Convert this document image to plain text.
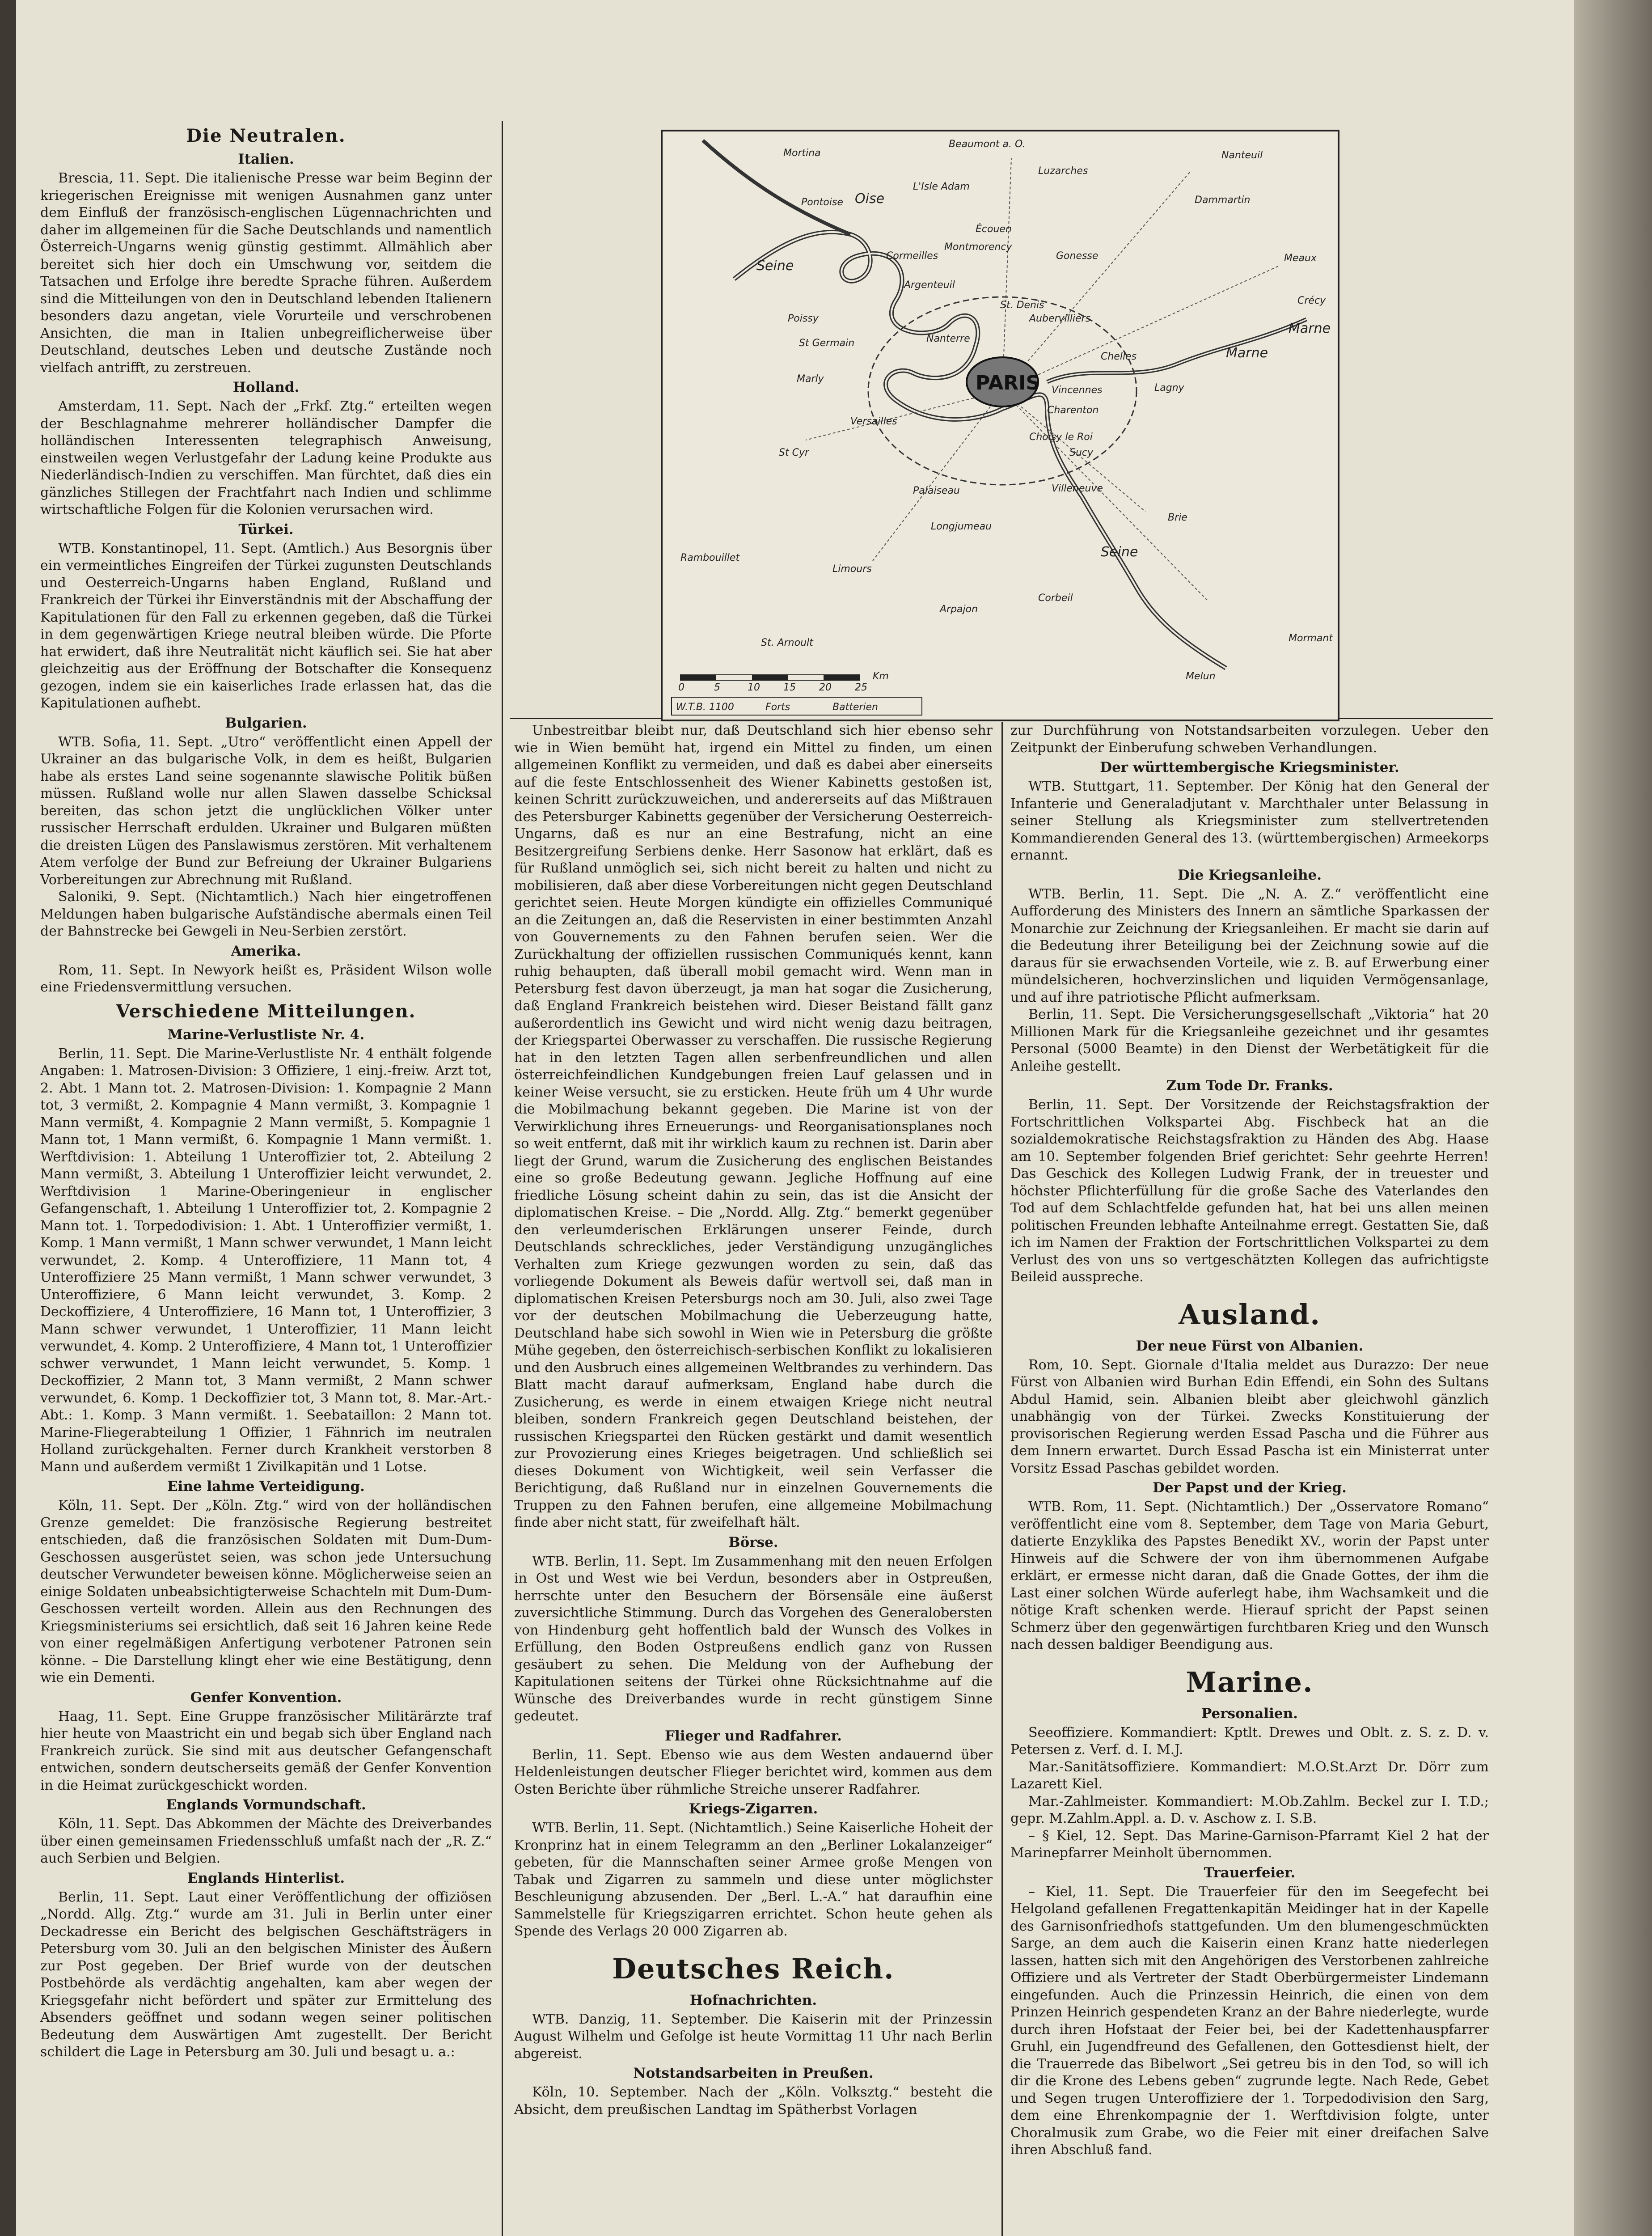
Die Neutralen.
Italien.

Brescia, 11. Sept. Die italienische Presse war beim Beginn der kriegerischen Ereignisse mit wenigen Ausnahmen ganz unter dem Einfluß der französisch-englischen Lügennachrichten und daher im allgemeinen für die Sache Deutschlands und namentlich Österreich-Ungarns wenig günstig gestimmt. Allmählich aber bereitet sich hier doch ein Umschwung vor, seitdem die Tatsachen und Erfolge ihre beredte Sprache führen. Außerdem sind die Mitteilungen von den in Deutschland lebenden Italienern besonders dazu angetan, viele Vorurteile und verschrobenen Ansichten, die man in Italien unbegreiflicherweise über Deutschland, deutsches Leben und deutsche Zustände noch vielfach antrifft, zu zerstreuen.

Holland.

Amsterdam, 11. Sept. Nach der „Frkf. Ztg.“ erteilten wegen der Beschlagnahme mehrerer holländischer Dampfer die holländischen Interessenten telegraphisch Anweisung, einstweilen wegen Verlustgefahr der Ladung keine Produkte aus Niederländisch-Indien zu verschiffen. Man fürchtet, daß dies ein gänzliches Stillegen der Frachtfahrt nach Indien und schlimme wirtschaftliche Folgen für die Kolonien verursachen wird.

Türkei.

WTB. Konstantinopel, 11. Sept. (Amtlich.) Aus Besorgnis über ein vermeintliches Eingreifen der Türkei zugunsten Deutschlands und Oesterreich-Ungarns haben England, Rußland und Frankreich der Türkei ihr Einverständnis mit der Abschaffung der Kapitulationen für den Fall zu erkennen gegeben, daß die Türkei in dem gegenwärtigen Kriege neutral bleiben würde. Die Pforte hat erwidert, daß ihre Neutralität nicht käuflich sei. Sie hat aber gleichzeitig aus der Eröffnung der Botschafter die Konsequenz gezogen, indem sie ein kaiserliches Irade erlassen hat, das die Kapitulationen aufhebt.

Bulgarien.

WTB. Sofia, 11. Sept. „Utro“ veröffentlicht einen Appell der Ukrainer an das bulgarische Volk, in dem es heißt, Bulgarien habe als erstes Land seine sogenannte slawische Politik büßen müssen. Rußland wolle nur allen Slawen dasselbe Schicksal bereiten, das schon jetzt die unglücklichen Völker unter russischer Herrschaft erdulden. Ukrainer und Bulgaren müßten die dreisten Lügen des Panslawismus zerstören. Mit verhaltenem Atem verfolge der Bund zur Befreiung der Ukrainer Bulgariens Vorbereitungen zur Abrechnung mit Rußland.

Saloniki, 9. Sept. (Nichtamtlich.) Nach hier eingetroffenen Meldungen haben bulgarische Aufständische abermals einen Teil der Bahnstrecke bei Gewgeli in Neu-Serbien zerstört.

Amerika.

Rom, 11. Sept. In Newyork heißt es, Präsident Wilson wolle eine Friedensvermittlung versuchen.

Verschiedene Mitteilungen.
Marine-Verlustliste Nr. 4.

Berlin, 11. Sept. Die Marine-Verlustliste Nr. 4 enthält folgende Angaben: 1. Matrosen-Division: 3 Offiziere, 1 einj.-freiw. Arzt tot, 2. Abt. 1 Mann tot. 2. Matrosen-Division: 1. Kompagnie 2 Mann tot, 3 vermißt, 2. Kompagnie 4 Mann vermißt, 3. Kompagnie 1 Mann vermißt, 4. Kompagnie 2 Mann vermißt, 5. Kompagnie 1 Mann tot, 1 Mann vermißt, 6. Kompagnie 1 Mann vermißt. 1. Werftdivision: 1. Abteilung 1 Unteroffizier tot, 2. Abteilung 2 Mann vermißt, 3. Abteilung 1 Unteroffizier leicht verwundet, 2. Werftdivision 1 Marine-Oberingenieur in englischer Gefangenschaft, 1. Abteilung 1 Unteroffizier tot, 2. Kompagnie 2 Mann tot. 1. Torpedodivision: 1. Abt. 1 Unteroffizier vermißt, 1. Komp. 1 Mann vermißt, 1 Mann schwer verwundet, 1 Mann leicht verwundet, 2. Komp. 4 Unteroffiziere, 11 Mann tot, 4 Unteroffiziere 25 Mann vermißt, 1 Mann schwer verwundet, 3 Unteroffiziere, 6 Mann leicht verwundet, 3. Komp. 2 Deckoffiziere, 4 Unteroffiziere, 16 Mann tot, 1 Unteroffizier, 3 Mann schwer verwundet, 1 Unteroffizier, 11 Mann leicht verwundet, 4. Komp. 2 Unteroffiziere, 4 Mann tot, 1 Unteroffizier schwer verwundet, 1 Mann leicht verwundet, 5. Komp. 1 Deckoffizier, 2 Mann tot, 3 Mann vermißt, 2 Mann schwer verwundet, 6. Komp. 1 Deckoffizier tot, 3 Mann tot, 8. Mar.-Art.-Abt.: 1. Komp. 3 Mann vermißt. 1. Seebataillon: 2 Mann tot. Marine-Fliegerabteilung 1 Offizier, 1 Fähnrich im neutralen Holland zurückgehalten. Ferner durch Krankheit verstorben 8 Mann und außerdem vermißt 1 Zivilkapitän und 1 Lotse.

Eine lahme Verteidigung.

Köln, 11. Sept. Der „Köln. Ztg.“ wird von der holländischen Grenze gemeldet: Die französische Regierung bestreitet entschieden, daß die französischen Soldaten mit Dum-Dum-Geschossen ausgerüstet seien, was schon jede Untersuchung deutscher Verwundeter beweisen könne. Möglicherweise seien an einige Soldaten unbeabsichtigterweise Schachteln mit Dum-Dum-Geschossen verteilt worden. Allein aus den Rechnungen des Kriegsministeriums sei ersichtlich, daß seit 16 Jahren keine Rede von einer regelmäßigen Anfertigung verbotener Patronen sein könne. – Die Darstellung klingt eher wie eine Bestätigung, denn wie ein Dementi.

Genfer Konvention.

Haag, 11. Sept. Eine Gruppe französischer Militärärzte traf hier heute von Maastricht ein und begab sich über England nach Frankreich zurück. Sie sind mit aus deutscher Gefangenschaft entwichen, sondern deutscherseits gemäß der Genfer Konvention in die Heimat zurückgeschickt worden.

Englands Vormundschaft.

Köln, 11. Sept. Das Abkommen der Mächte des Dreiverbandes über einen gemeinsamen Friedensschluß umfaßt nach der „R. Z.“ auch Serbien und Belgien.

Englands Hinterlist.

Berlin, 11. Sept. Laut einer Veröffentlichung der offiziösen „Nordd. Allg. Ztg.“ wurde am 31. Juli in Berlin unter einer Deckadresse ein Bericht des belgischen Geschäftsträgers in Petersburg vom 30. Juli an den belgischen Minister des Äußern zur Post gegeben. Der Brief wurde von der deutschen Postbehörde als verdächtig angehalten, kam aber wegen der Kriegsgefahr nicht befördert und später zur Ermittelung des Absenders geöffnet und sodann wegen seiner politischen Bedeutung dem Auswärtigen Amt zugestellt. Der Bericht schildert die Lage in Petersburg am 30. Juli und besagt u. a.:

PARIS
Mortina
Beaumont a. O.
Luzarches
Nanteuil
L'Isle Adam
Dammartin
Pontoise
Écouen
Montmorency
Meaux
Cormeilles	Gonesse
St. Denis
Argenteuil
Aubervilliers
Poissy
St Germain	Nanterre
Chelles
Lagny
Marly
Vincennes
Charenton
Versailles
Choisy le Roi
St Cyr	Sucy
Palaiseau	Villeneuve
Brie
Longjumeau
Rambouillet
Limours
Arpajon
Corbeil
St. Arnoult
Melun
Mormant
Crécy
Oise
Seine
Marne
Seine
Marne
0	5	10 15 20 25
Km
W.T.B. 1100	Forts	Batterien

Unbestreitbar bleibt nur, daß Deutschland sich hier ebenso sehr wie in Wien bemüht hat, irgend ein Mittel zu finden, um einen allgemeinen Konflikt zu vermeiden, und daß es dabei aber einerseits auf die feste Entschlossenheit des Wiener Kabinetts gestoßen ist, keinen Schritt zurückzuweichen, und andererseits auf das Mißtrauen des Petersburger Kabinetts gegenüber der Versicherung Oesterreich-Ungarns, daß es nur an eine Bestrafung, nicht an eine Besitzergreifung Serbiens denke. Herr Sasonow hat erklärt, daß es für Rußland unmöglich sei, sich nicht bereit zu halten und nicht zu mobilisieren, daß aber diese Vorbereitungen nicht gegen Deutschland gerichtet seien. Heute Morgen kündigte ein offizielles Communiqué an die Zeitungen an, daß die Reservisten in einer bestimmten Anzahl von Gouvernements zu den Fahnen berufen seien. Wer die Zurückhaltung der offiziellen russischen Communiqués kennt, kann ruhig behaupten, daß überall mobil gemacht wird. Wenn man in Petersburg fest davon überzeugt, ja man hat sogar die Zusicherung, daß England Frankreich beistehen wird. Dieser Beistand fällt ganz außerordentlich ins Gewicht und wird nicht wenig dazu beitragen, der Kriegspartei Oberwasser zu verschaffen. Die russische Regierung hat in den letzten Tagen allen serbenfreundlichen und allen österreichfeindlichen Kundgebungen freien Lauf gelassen und in keiner Weise versucht, sie zu ersticken. Heute früh um 4 Uhr wurde die Mobilmachung bekannt gegeben. Die Marine ist von der Verwirklichung ihres Erneuerungs- und Reorganisationsplanes noch so weit entfernt, daß mit ihr wirklich kaum zu rechnen ist. Darin aber liegt der Grund, warum die Zusicherung des englischen Beistandes eine so große Bedeutung gewann. Jegliche Hoffnung auf eine friedliche Lösung scheint dahin zu sein, das ist die Ansicht der diplomatischen Kreise. – Die „Nordd. Allg. Ztg.“ bemerkt gegenüber den verleumderischen Erklärungen unserer Feinde, durch Deutschlands schreckliches, jeder Verständigung unzugängliches Verhalten zum Kriege gezwungen worden zu sein, daß das vorliegende Dokument als Beweis dafür wertvoll sei, daß man in diplomatischen Kreisen Petersburgs noch am 30. Juli, also zwei Tage vor der deutschen Mobilmachung die Ueberzeugung hatte, Deutschland habe sich sowohl in Wien wie in Petersburg die größte Mühe gegeben, den österreichisch-serbischen Konflikt zu lokalisieren und den Ausbruch eines allgemeinen Weltbrandes zu verhindern. Das Blatt macht darauf aufmerksam, England habe durch die Zusicherung, es werde in einem etwaigen Kriege nicht neutral bleiben, sondern Frankreich gegen Deutschland beistehen, der russischen Kriegspartei den Rücken gestärkt und damit wesentlich zur Provozierung eines Krieges beigetragen. Und schließlich sei dieses Dokument von Wichtigkeit, weil sein Verfasser die Berichtigung, daß Rußland nur in einzelnen Gouvernements die Truppen zu den Fahnen berufen, eine allgemeine Mobilmachung finde aber nicht statt, für zweifelhaft hält.

Börse.

WTB. Berlin, 11. Sept. Im Zusammenhang mit den neuen Erfolgen in Ost und West wie bei Verdun, besonders aber in Ostpreußen, herrschte unter den Besuchern der Börsensäle eine äußerst zuversichtliche Stimmung. Durch das Vorgehen des Generalobersten von Hindenburg geht hoffentlich bald der Wunsch des Volkes in Erfüllung, den Boden Ostpreußens endlich ganz von Russen gesäubert zu sehen. Die Meldung von der Aufhebung der Kapitulationen seitens der Türkei ohne Rücksichtnahme auf die Wünsche des Dreiverbandes wurde in recht günstigem Sinne gedeutet.

Flieger und Radfahrer.

Berlin, 11. Sept. Ebenso wie aus dem Westen andauernd über Heldenleistungen deutscher Flieger berichtet wird, kommen aus dem Osten Berichte über rühmliche Streiche unserer Radfahrer.

Kriegs-Zigarren.

WTB. Berlin, 11. Sept. (Nichtamtlich.) Seine Kaiserliche Hoheit der Kronprinz hat in einem Telegramm an den „Berliner Lokalanzeiger“ gebeten, für die Mannschaften seiner Armee große Mengen von Tabak und Zigarren zu sammeln und diese unter möglichster Beschleunigung abzusenden. Der „Berl. L.-A.“ hat daraufhin eine Sammelstelle für Kriegszigarren errichtet. Schon heute gehen als Spende des Verlags 20 000 Zigarren ab.

Deutsches Reich.
Hofnachrichten.

WTB. Danzig, 11. September. Die Kaiserin mit der Prinzessin August Wilhelm und Gefolge ist heute Vormittag 11 Uhr nach Berlin abgereist.

Notstandsarbeiten in Preußen.

Köln, 10. September. Nach der „Köln. Volksztg.“ besteht die Absicht, dem preußischen Landtag im Spätherbst Vorlagen

zur Durchführung von Notstandsarbeiten vorzulegen. Ueber den Zeitpunkt der Einberufung schweben Verhandlungen.

Der württembergische Kriegsminister.

WTB. Stuttgart, 11. September. Der König hat den General der Infanterie und Generaladjutant v. Marchthaler unter Belassung in seiner Stellung als Kriegsminister zum stellvertretenden Kommandierenden General des 13. (württembergischen) Armeekorps ernannt.

Die Kriegsanleihe.

WTB. Berlin, 11. Sept. Die „N. A. Z.“ veröffentlicht eine Aufforderung des Ministers des Innern an sämtliche Sparkassen der Monarchie zur Zeichnung der Kriegsanleihen. Er macht sie darin auf die Bedeutung ihrer Beteiligung bei der Zeichnung sowie auf die daraus für sie erwachsenden Vorteile, wie z. B. auf Erwerbung einer mündelsicheren, hochverzinslichen und liquiden Vermögensanlage, und auf ihre patriotische Pflicht aufmerksam.

Berlin, 11. Sept. Die Versicherungsgesellschaft „Viktoria“ hat 20 Millionen Mark für die Kriegsanleihe gezeichnet und ihr gesamtes Personal (5000 Beamte) in den Dienst der Werbetätigkeit für die Anleihe gestellt.

Zum Tode Dr. Franks.

Berlin, 11. Sept. Der Vorsitzende der Reichstagsfraktion der Fortschrittlichen Volkspartei Abg. Fischbeck hat an die sozialdemokratische Reichstagsfraktion zu Händen des Abg. Haase am 10. September folgenden Brief gerichtet: Sehr geehrte Herren! Das Geschick des Kollegen Ludwig Frank, der in treuester und höchster Pflichterfüllung für die große Sache des Vaterlandes den Tod auf dem Schlachtfelde gefunden hat, hat bei uns allen meinen politischen Freunden lebhafte Anteilnahme erregt. Gestatten Sie, daß ich im Namen der Fraktion der Fortschrittlichen Volkspartei zu dem Verlust des von uns so vertgeschätzten Kollegen das aufrichtigste Beileid ausspreche.

Ausland.
Der neue Fürst von Albanien.

Rom, 10. Sept. Giornale d'Italia meldet aus Durazzo: Der neue Fürst von Albanien wird Burhan Edin Effendi, ein Sohn des Sultans Abdul Hamid, sein. Albanien bleibt aber gleichwohl gänzlich unabhängig von der Türkei. Zwecks Konstituierung der provisorischen Regierung werden Essad Pascha und die Führer aus dem Innern erwartet. Durch Essad Pascha ist ein Ministerrat unter Vorsitz Essad Paschas gebildet worden.

Der Papst und der Krieg.

WTB. Rom, 11. Sept. (Nichtamtlich.) Der „Osservatore Romano“ veröffentlicht eine vom 8. September, dem Tage von Maria Geburt, datierte Enzyklika des Papstes Benedikt XV., worin der Papst unter Hinweis auf die Schwere der von ihm übernommenen Aufgabe erklärt, er ermesse nicht daran, daß die Gnade Gottes, der ihm die Last einer solchen Würde auferlegt habe, ihm Wachsamkeit und die nötige Kraft schenken werde. Hierauf spricht der Papst seinen Schmerz über den gegenwärtigen furchtbaren Krieg und den Wunsch nach dessen baldiger Beendigung aus.

Marine.
Personalien.

Seeoffiziere. Kommandiert: Kptlt. Drewes und Oblt. z. S. z. D. v. Petersen z. Verf. d. I. M.J.

Mar.-Sanitätsoffiziere. Kommandiert: M.O.St.Arzt Dr. Dörr zum Lazarett Kiel.

Mar.-Zahlmeister. Kommandiert: M.Ob.Zahlm. Beckel zur I. T.D.; gepr. M.Zahlm.Appl. a. D. v. Aschow z. I. S.B.

– § Kiel, 12. Sept. Das Marine-Garnison-Pfarramt Kiel 2 hat der Marinepfarrer Meinholt übernommen.

Trauerfeier.

– Kiel, 11. Sept. Die Trauerfeier für den im Seegefecht bei Helgoland gefallenen Fregattenkapitän Meidinger hat in der Kapelle des Garnisonfriedhofs stattgefunden. Um den blumengeschmückten Sarge, an dem auch die Kaiserin einen Kranz hatte niederlegen lassen, hatten sich mit den Angehörigen des Verstorbenen zahlreiche Offiziere und als Vertreter der Stadt Oberbürgermeister Lindemann eingefunden. Auch die Prinzessin Heinrich, die einen von dem Prinzen Heinrich gespendeten Kranz an der Bahre niederlegte, wurde durch ihren Hofstaat der Feier bei, bei der Kadettenhauspfarrer Gruhl, ein Jugendfreund des Gefallenen, den Gottesdienst hielt, der die Trauerrede das Bibelwort „Sei getreu bis in den Tod, so will ich dir die Krone des Lebens geben“ zugrunde legte. Nach Rede, Gebet und Segen trugen Unteroffiziere der 1. Torpedodivision den Sarg, dem eine Ehrenkompagnie der 1. Werftdivision folgte, unter Choralmusik zum Grabe, wo die Feier mit einer dreifachen Salve ihren Abschluß fand.
